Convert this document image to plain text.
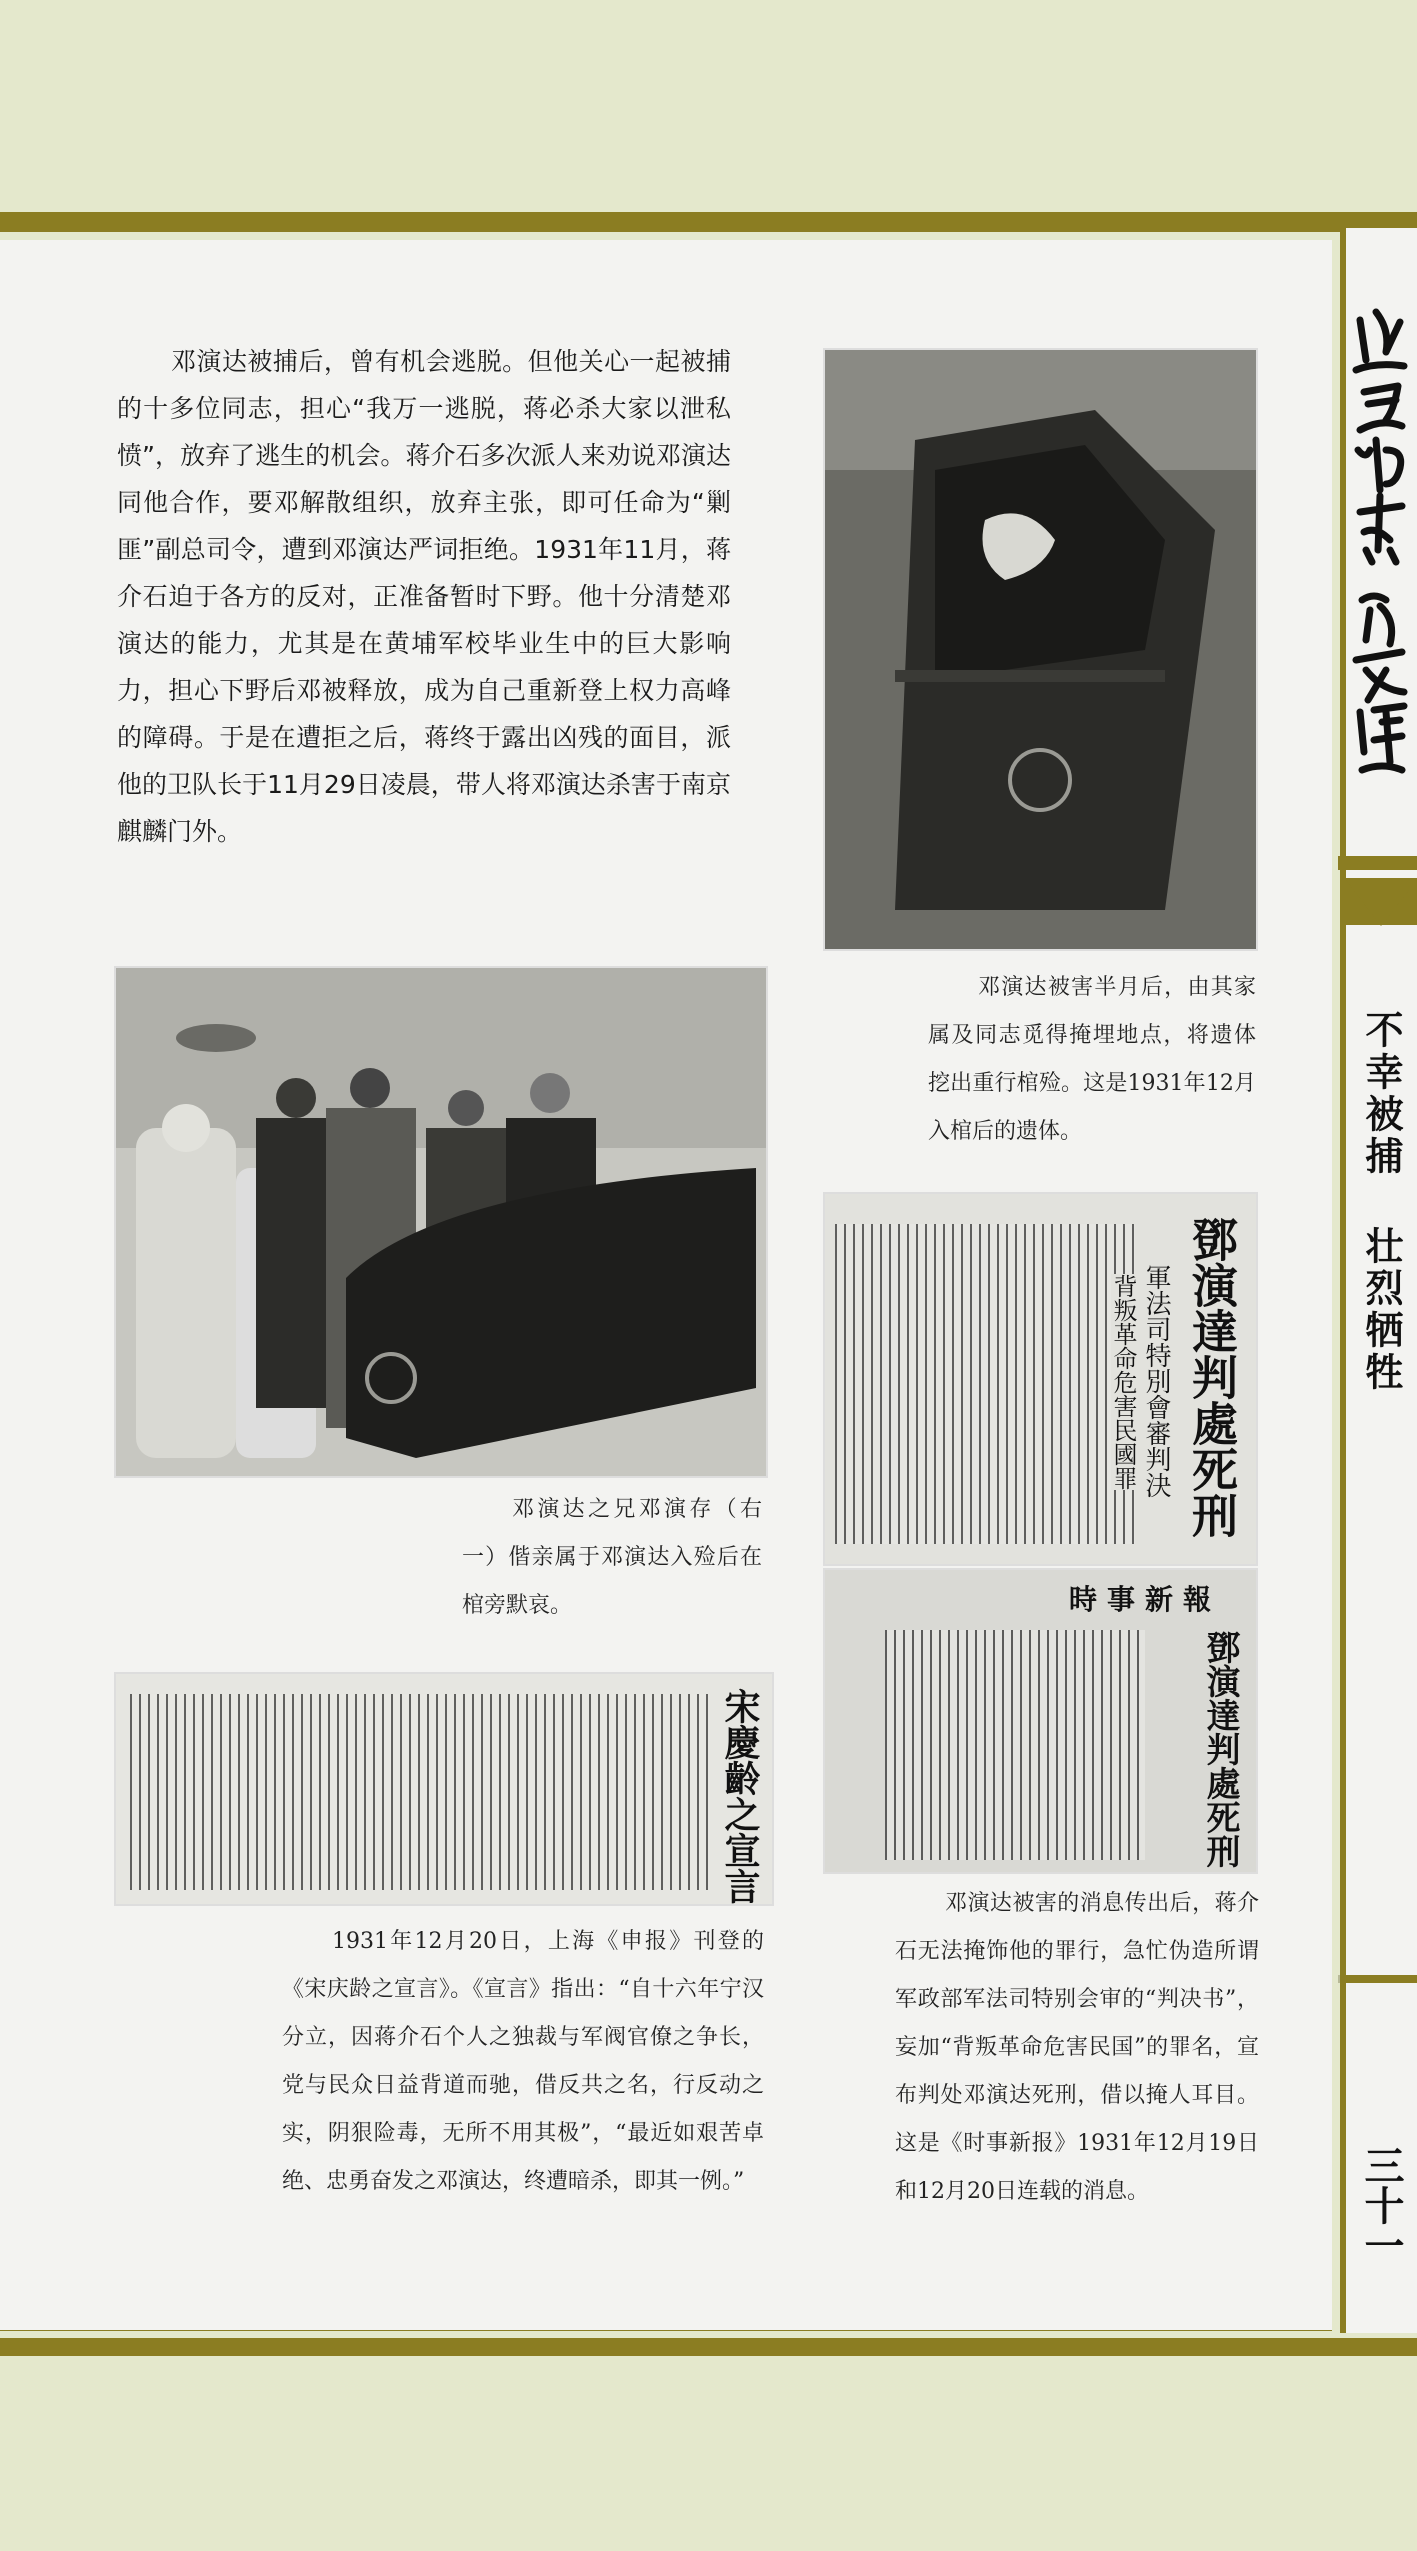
不幸被捕 壮烈牺牲
三十一

邓演达被捕后，曾有机会逃脱。但他关心一起被捕的十多位同志，担心“我万一逃脱，蒋必杀大家以泄私愤”，放弃了逃生的机会。蒋介石多次派人来劝说邓演达同他合作，要邓解散组织，放弃主张，即可任命为“剿匪”副总司令，遭到邓演达严词拒绝。1931年11月，蒋介石迫于各方的反对，正准备暂时下野。他十分清楚邓演达的能力，尤其是在黄埔军校毕业生中的巨大影响力，担心下野后邓被释放，成为自己重新登上权力高峰的障碍。于是在遭拒之后，蒋终于露出凶残的面目，派他的卫队长于11月29日凌晨，带人将邓演达杀害于南京麒麟门外。

邓演达被害半月后，由其家属及同志觅得掩埋地点，将遗体挖出重行棺殓。这是1931年12月入棺后的遗体。

邓演达之兄邓演存（右一）偕亲属于邓演达入殓后在棺旁默哀。

宋慶齡之宣言

1931年12月20日，上海《申报》刊登的《宋庆龄之宣言》。《宣言》指出：“自十六年宁汉分立，因蒋介石个人之独裁与军阀官僚之争长，党与民众日益背道而驰，借反共之名，行反动之实，阴狠险毒，无所不用其极”，“最近如艰苦卓绝、忠勇奋发之邓演达，终遭暗杀，即其一例。”

鄧演達判處死刑
軍法司特別會審判決
背叛革命危害民國罪
時事新報
鄧演達判處死刑

邓演达被害的消息传出后，蒋介石无法掩饰他的罪行，急忙伪造所谓军政部军法司特别会审的“判决书”，妄加“背叛革命危害民国”的罪名，宣布判处邓演达死刑，借以掩人耳目。这是《时事新报》1931年12月19日和12月20日连载的消息。
